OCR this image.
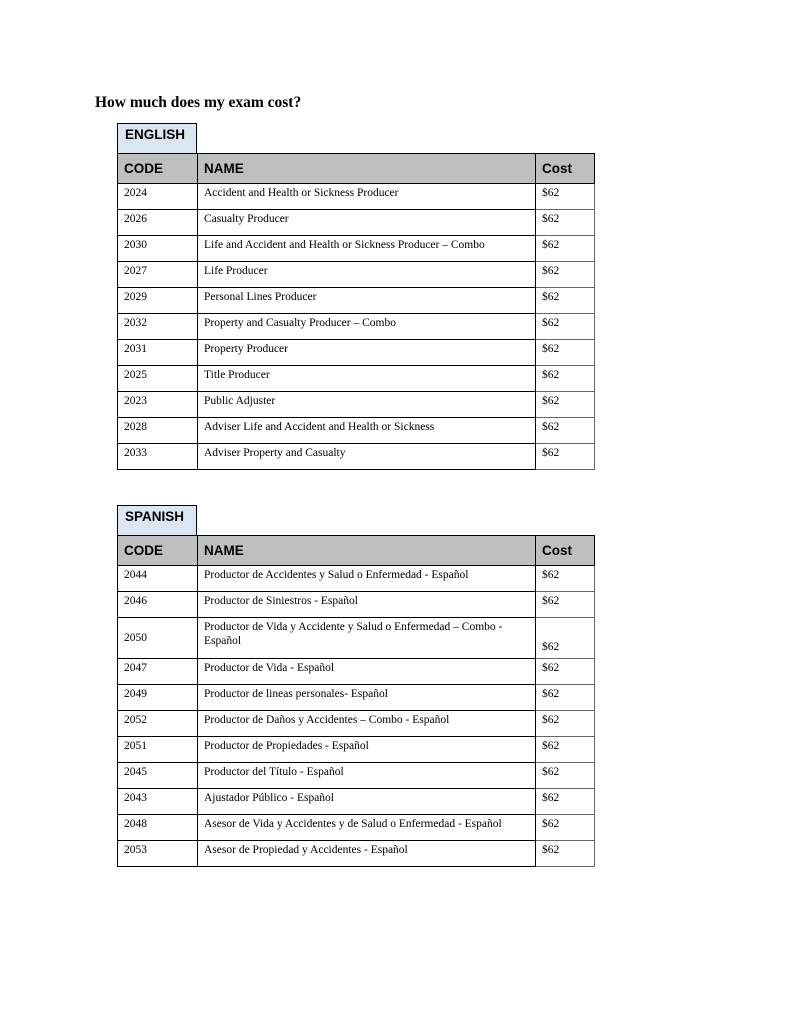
How much does my exam cost?
ENGLISH
CODE	NAME	Cost
2024	Accident and Health or Sickness Producer	$62
2026	Casualty Producer	$62
2030	Life and Accident and Health or Sickness Producer – Combo	$62
2027	Life Producer	$62
2029	Personal Lines Producer	$62
2032	Property and Casualty Producer – Combo	$62
2031	Property Producer	$62
2025	Title Producer	$62
2023	Public Adjuster	$62
2028	Adviser Life and Accident and Health or Sickness	$62
2033	Adviser Property and Casualty	$62
SPANISH
CODE	NAME	Cost
2044	Productor de Accidentes y Salud o Enfermedad - Español	$62
2046	Productor de Siniestros - Español	$62
2050	Productor de Vida y Accidente y Salud o Enfermedad – Combo - Español	$62
2047	Productor de Vida - Español	$62
2049	Productor de lineas personales- Español	$62
2052	Productor de Daños y Accidentes – Combo - Español	$62
2051	Productor de Propiedades - Español	$62
2045	Productor del Título - Español	$62
2043	Ajustador Público - Español	$62
2048	Asesor de Vida y Accidentes y de Salud o Enfermedad - Español	$62
2053	Asesor de Propiedad y Accidentes - Español	$62
